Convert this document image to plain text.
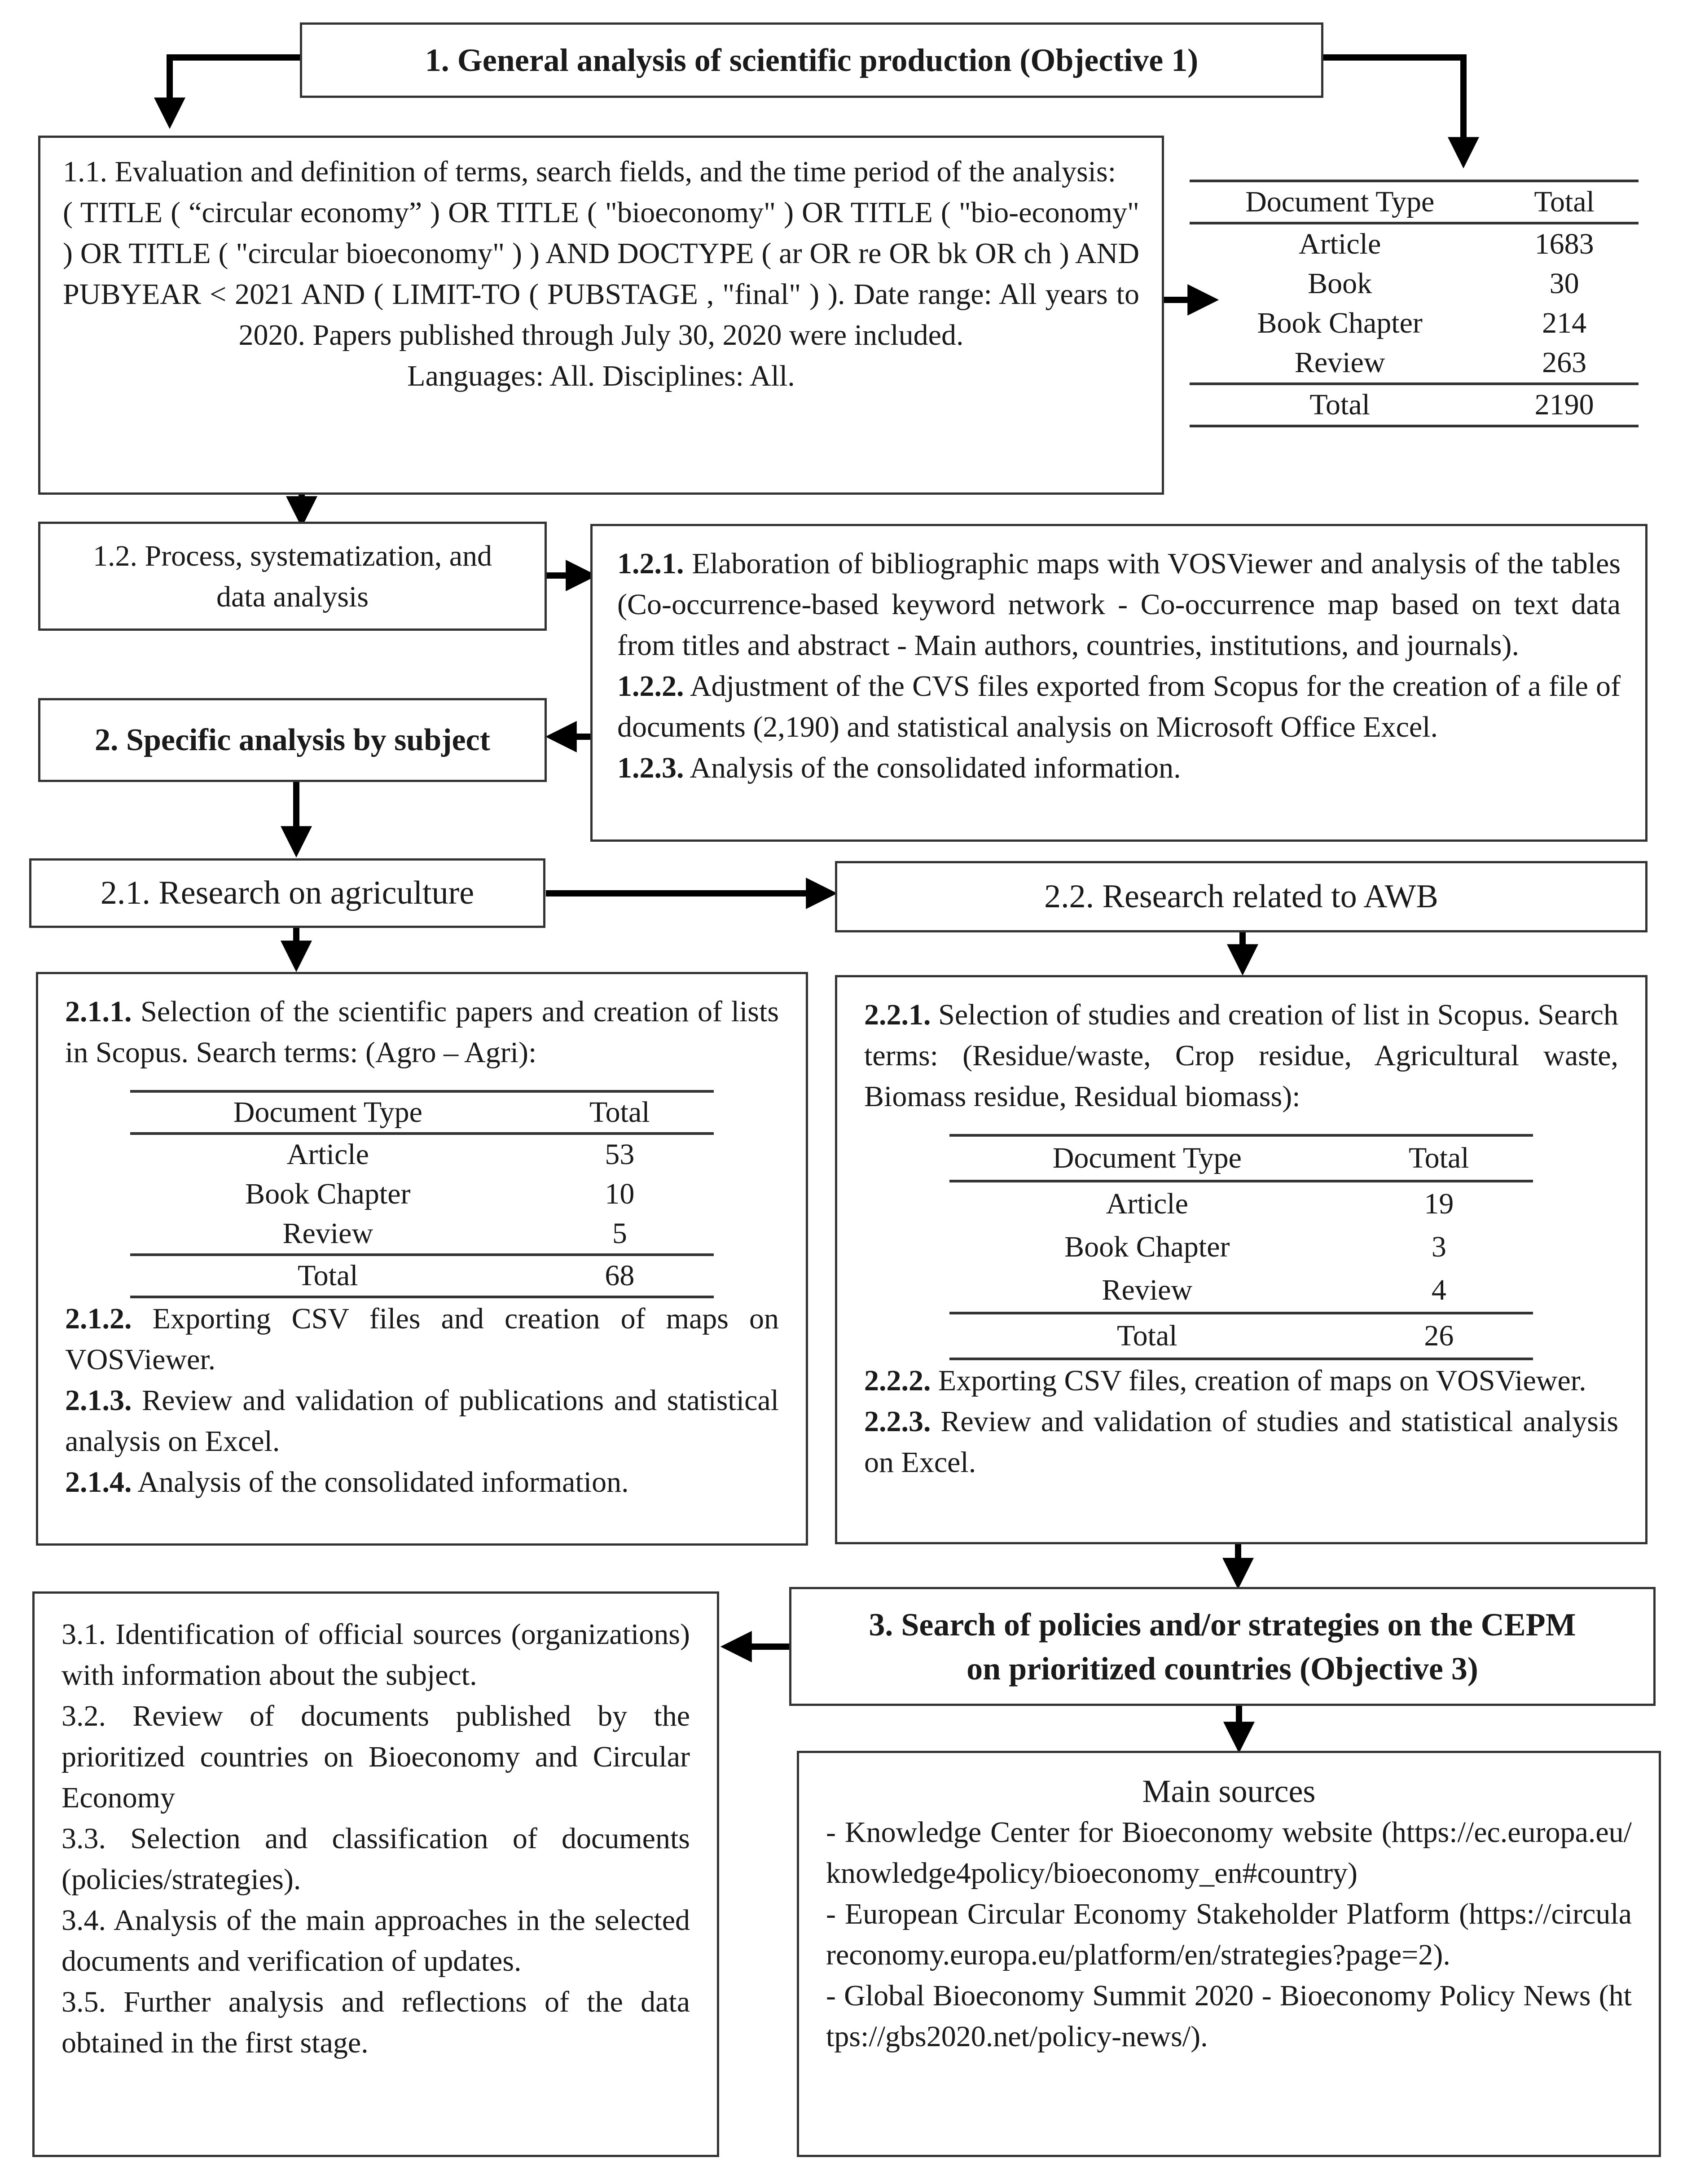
1. General analysis of scientific production (Objective 1)

1.1. Evaluation and definition of terms, search fields, and the time period of the analysis:

( TITLE ( “circular economy” ) OR TITLE ( "bioeconomy" ) OR TITLE ( "bio-economy" ) OR TITLE ( "circular bioeconomy" ) ) AND DOCTYPE ( ar OR re OR bk OR ch ) AND PUBYEAR < 2021 AND ( LIMIT-TO ( PUBSTAGE , "final" ) ). Date range: All years to 2020. Papers published through July 30, 2020 were included.

Languages: All. Disciplines: All.

Document Type	Total
Article	1683
Book	30
Book Chapter	214
Review	263
Total	2190
1.2. Process, systematization, and data analysis

1.2.1. Elaboration of bibliographic maps with VOSViewer and analysis of the tables (Co-occurrence-based keyword network - Co-occurrence map based on text data from titles and abstract - Main authors, countries, institutions, and journals).

1.2.2. Adjustment of the CVS files exported from Scopus for the creation of a file of documents (2,190) and statistical analysis on Microsoft Office Excel.

1.2.3. Analysis of the consolidated information.

2. Specific analysis by subject
2.1. Research on agriculture	2.2. Research related to AWB

2.1.1. Selection of the scientific papers and creation of lists in Scopus. Search terms: (Agro – Agri):

Document Type	Total
Article	53
Book Chapter	10
Review	5
Total	68

2.1.2. Exporting CSV files and creation of maps on VOSViewer.

2.1.3. Review and validation of publications and statistical analysis on Excel.

2.1.4. Analysis of the consolidated information.

2.2.1. Selection of studies and creation of list in Scopus. Search terms: (Residue/waste, Crop residue, Agricultural waste, Biomass residue, Residual biomass):

Document Type	Total
Article	19
Book Chapter	3
Review	4
Total	26

2.2.2. Exporting CSV files, creation of maps on VOSViewer.

2.2.3. Review and validation of studies and statistical analysis on Excel.

3. Search of policies and/or strategies on the CEPM
on prioritized countries (Objective 3)

3.1. Identification of official sources (organizations) with information about the subject.

3.2. Review of documents published by the prioritized countries on Bioeconomy and Circular Economy

3.3. Selection and classification of documents (policies/strategies).

3.4. Analysis of the main approaches in the selected documents and verification of updates.

3.5. Further analysis and reflections of the data obtained in the first stage.

Main sources

- Knowledge Center for Bioeconomy website (https://ec.europa.eu/knowledge4policy/bioeconomy_en#country)

- European Circular Economy Stakeholder Platform (https://circulareconomy.europa.eu/platform/en/strategies?page=2).

- Global Bioeconomy Summit 2020 - Bioeconomy Policy News (https://gbs2020.net/policy-news/).
